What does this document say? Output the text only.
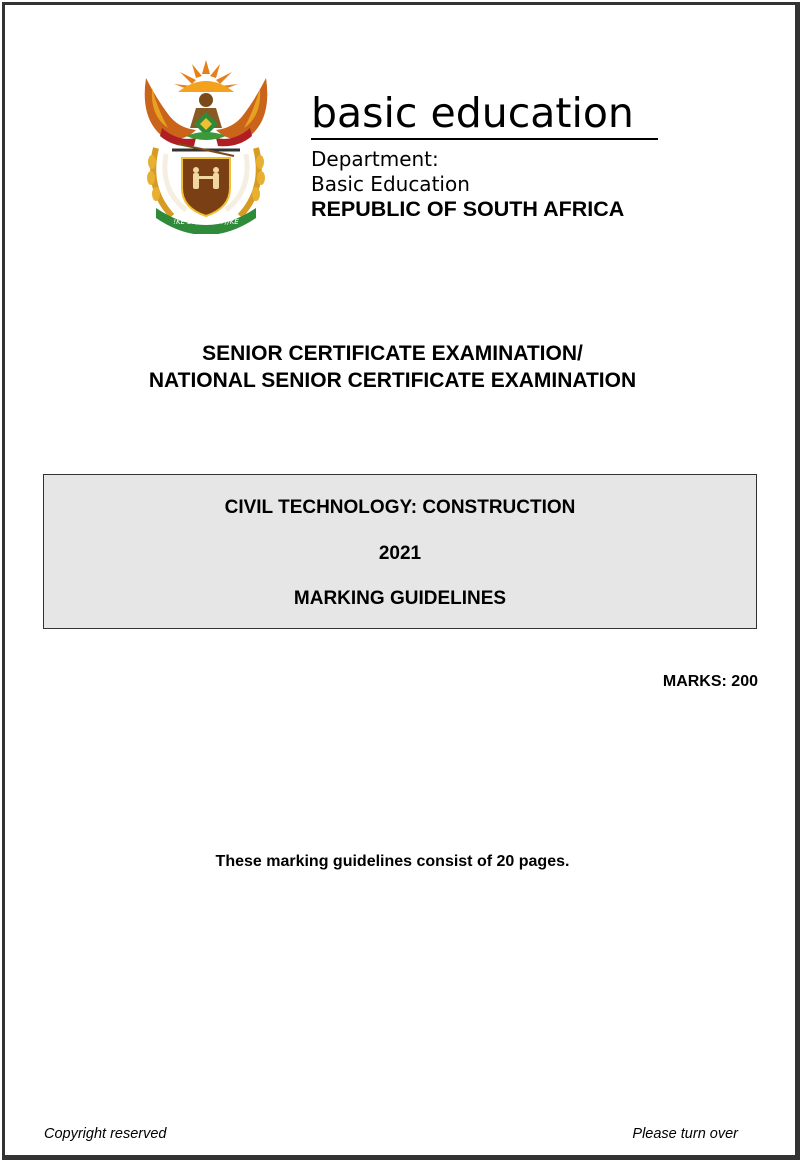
!KE E: /XARRA //KE
basic education
Department:
Basic Education
REPUBLIC OF SOUTH AFRICA
SENIOR CERTIFICATE EXAMINATION/
NATIONAL SENIOR CERTIFICATE EXAMINATION
CIVIL TECHNOLOGY: CONSTRUCTION
2021
MARKING GUIDELINES
MARKS: 200
These marking guidelines consist of 20 pages.
Copyright reserved	Please turn over
